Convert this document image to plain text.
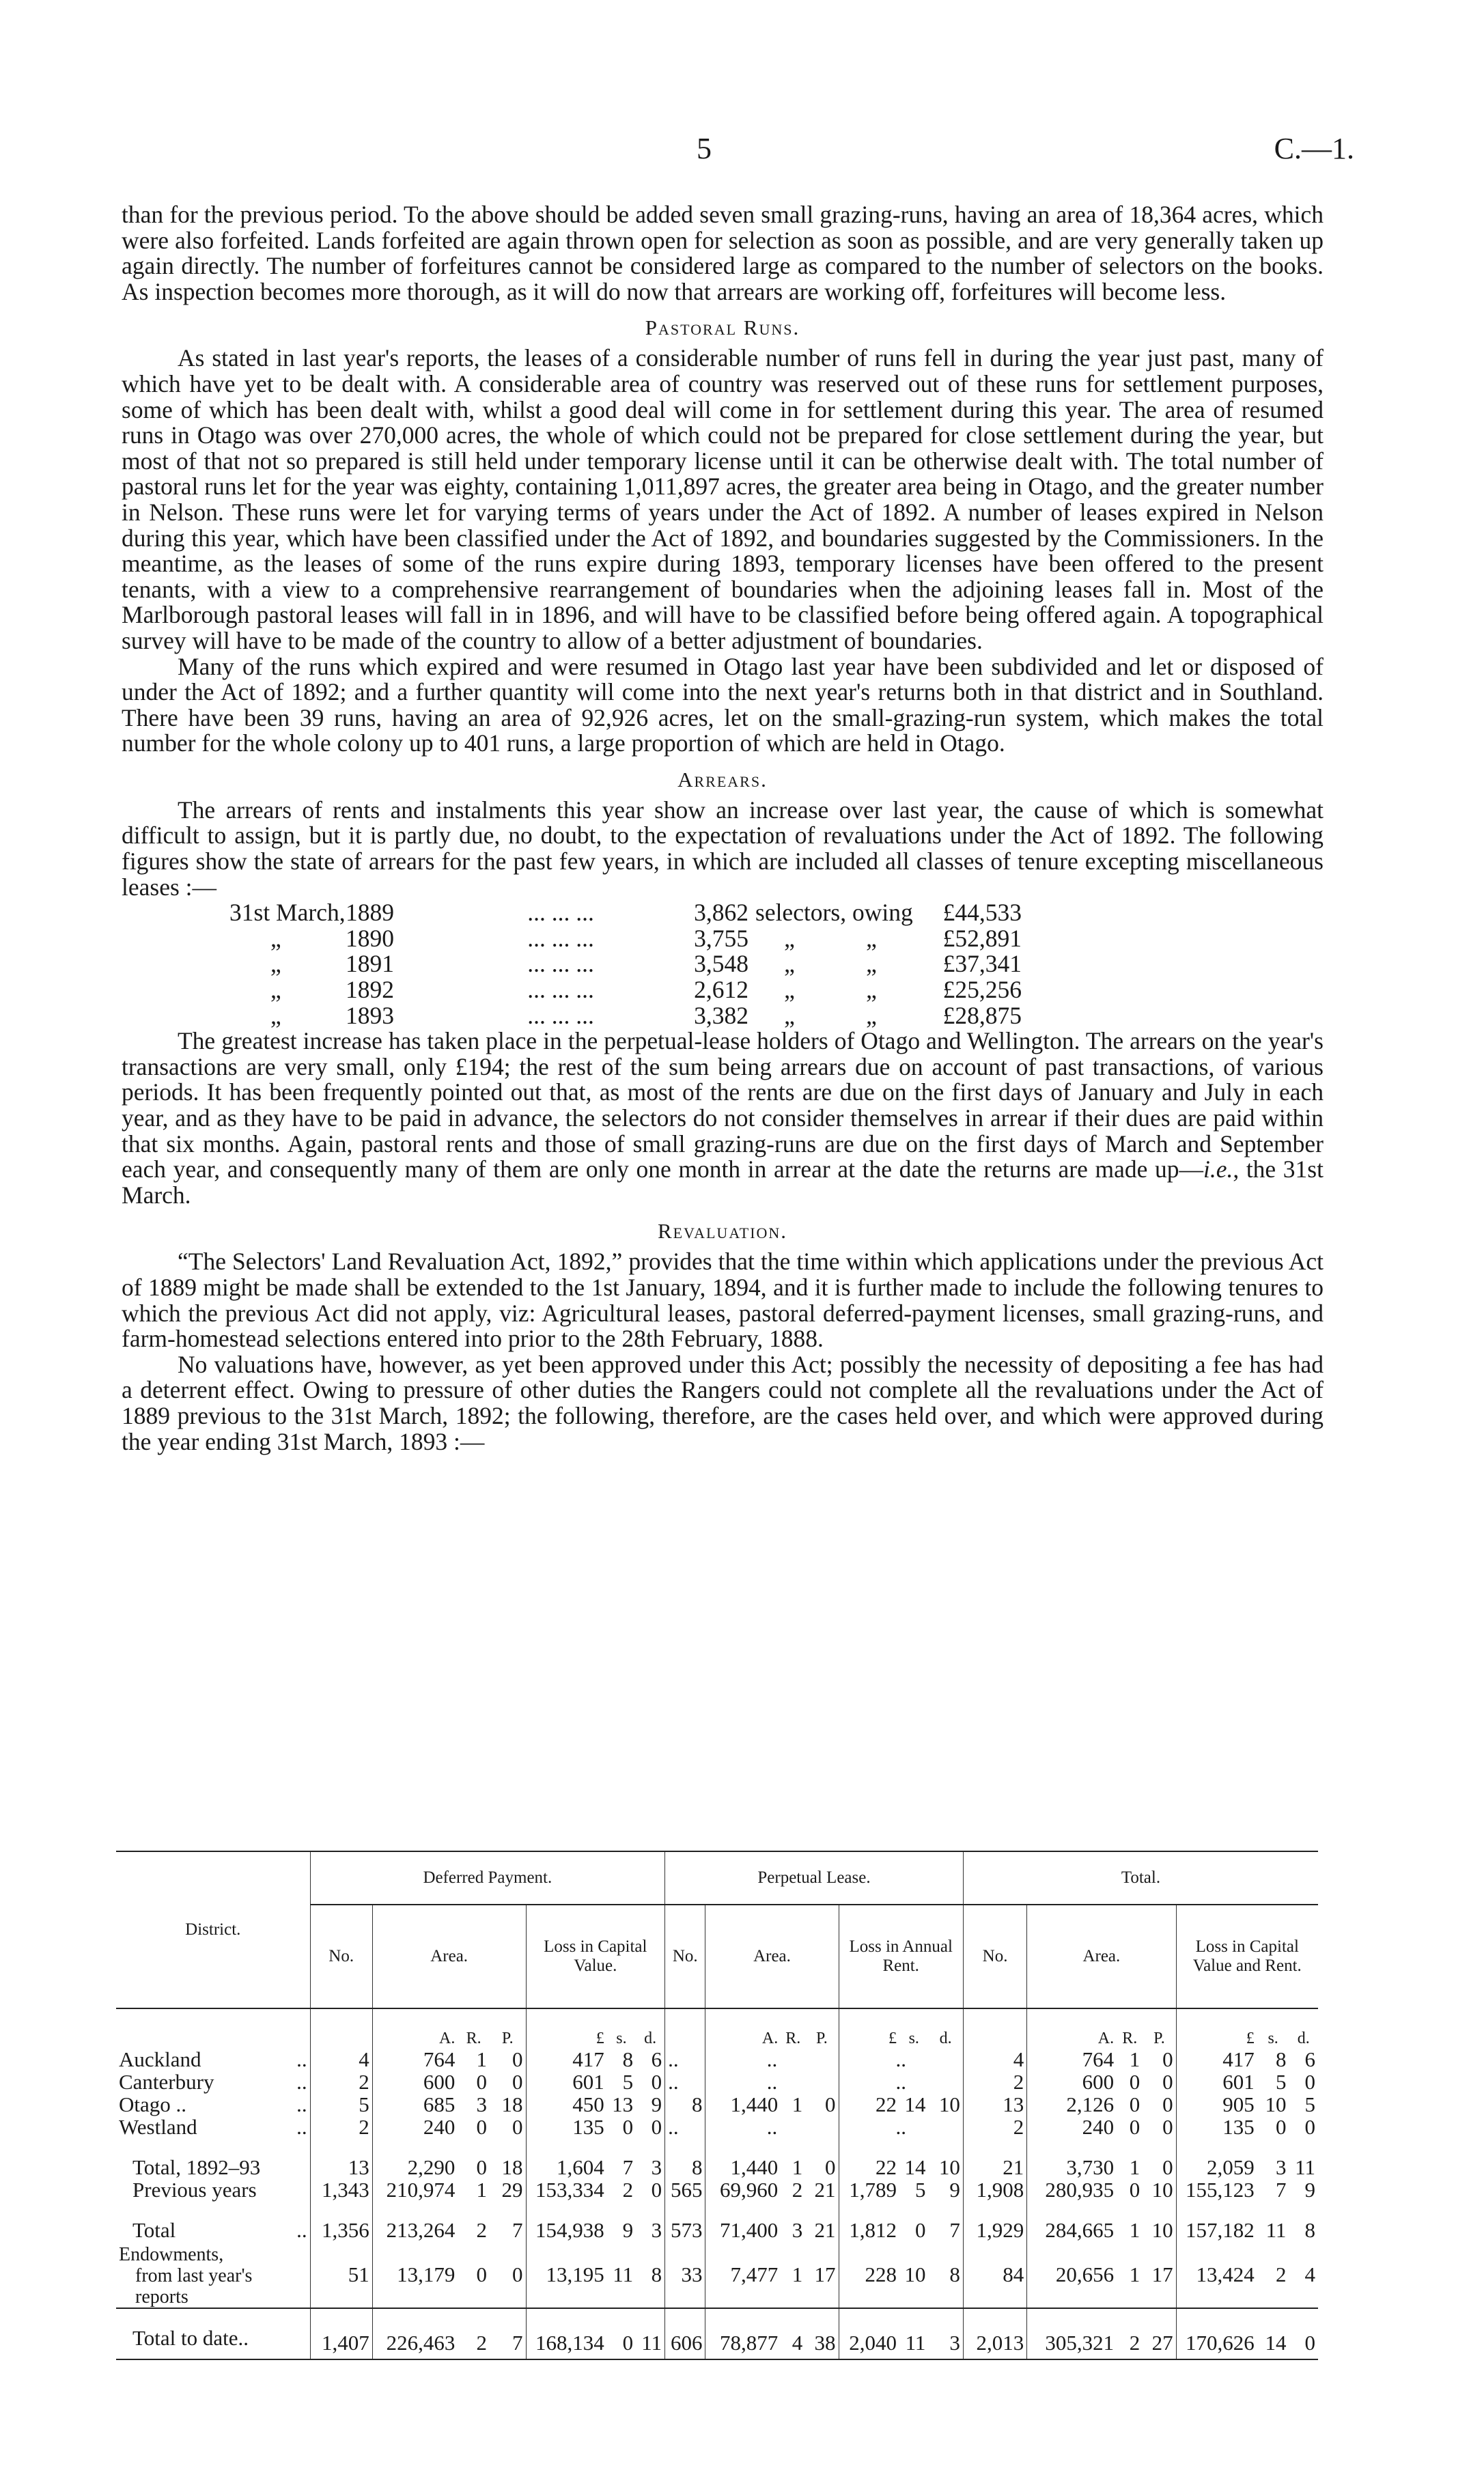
5	C.—1.

than for the previous period. To the above should be added seven small grazing-runs, having an area of 18,364 acres, which were also forfeited. Lands forfeited are again thrown open for selection as soon as possible, and are very generally taken up again directly. The number of forfeitures cannot be considered large as compared to the number of selectors on the books. As inspection becomes more thorough, as it will do now that arrears are working off, forfeitures will become less.

Pastoral Runs.

As stated in last year's reports, the leases of a considerable number of runs fell in during the year just past, many of which have yet to be dealt with. A considerable area of country was reserved out of these runs for settlement purposes, some of which has been dealt with, whilst a good deal will come in for settlement during this year. The area of resumed runs in Otago was over 270,000 acres, the whole of which could not be prepared for close settlement during the year, but most of that not so prepared is still held under temporary license until it can be otherwise dealt with. The total number of pastoral runs let for the year was eighty, containing 1,011,897 acres, the greater area being in Otago, and the greater number in Nelson. These runs were let for varying terms of years under the Act of 1892. A number of leases expired in Nelson during this year, which have been classified under the Act of 1892, and boundaries suggested by the Commissioners. In the meantime, as the leases of some of the runs expire during 1893, temporary licenses have been offered to the present tenants, with a view to a comprehensive rearrangement of boundaries when the adjoining leases fall in. Most of the Marlborough pastoral leases will fall in in 1896, and will have to be classified before being offered again. A topographical survey will have to be made of the country to allow of a better adjustment of boundaries.

Many of the runs which expired and were resumed in Otago last year have been subdivided and let or disposed of under the Act of 1892; and a further quantity will come into the next year's returns both in that district and in Southland. There have been 39 runs, having an area of 92,926 acres, let on the small-grazing-run system, which makes the total number for the whole colony up to 401 runs, a large proportion of which are held in Otago.

Arrears.

The arrears of rents and instalments this year show an increase over last year, the cause of which is somewhat difficult to assign, but it is partly due, no doubt, to the expectation of revaluations under the Act of 1892. The following figures show the state of arrears for the past few years, in which are included all classes of tenure excepting miscellaneous leases :—

31st March, 1889	... ... ...	3,862 selectors, owing	£44,533
„	1890	... ... ...	3,755	„	„	£52,891
„	1891	... ... ...	3,548	„	„	£37,341
„	1892	... ... ...	2,612	„	„	£25,256
„	1893	... ... ...	3,382	„	„	£28,875

The greatest increase has taken place in the perpetual-lease holders of Otago and Wellington. The arrears on the year's transactions are very small, only £194; the rest of the sum being arrears due on account of past transactions, of various periods. It has been frequently pointed out that, as most of the rents are due on the first days of January and July in each year, and as they have to be paid in advance, the selectors do not consider themselves in arrear if their dues are paid within that six months. Again, pastoral rents and those of small grazing-runs are due on the first days of March and September each year, and consequently many of them are only one month in arrear at the date the returns are made up—i.e., the 31st March.

Revaluation.

“The Selectors' Land Revaluation Act, 1892,” provides that the time within which applications under the previous Act of 1889 might be made shall be extended to the 1st January, 1894, and it is further made to include the following tenures to which the previous Act did not apply, viz: Agricultural leases, pastoral deferred-payment licenses, small grazing-runs, and farm-homestead selections entered into prior to the 28th February, 1888.

No valuations have, however, as yet been approved under this Act; possibly the necessity of depositing a fee has had a deterrent effect. Owing to pressure of other duties the Rangers could not complete all the revaluations under the Act of 1889 previous to the 31st March, 1892; the following, therefore, are the cases held over, and which were approved during the year ending 31st March, 1893 :—

District.	Deferred Payment.							Perpetual Lease.							Total.						
	No.	Area.			Loss in Capital Value.			No.	Area.			Loss in Annual Rent.			No.	Area.			Loss in Capital Value and Rent.		
		A.	R.	P.	£	s.	d.		A.	R.	P.	£	s.	d.		A.	R.	P.	£	s.	d.
Auckland ..	4	764	1	0	417	8	6	..	..			..			4	764	1	0	417	8	6
Canterbury ..	2	600	0	0	601	5	0	..	..			..			2	600	0	0	601	5	0
Otago .. ..	5	685	3	18	450	13	9	8	1,440	1	0	22	14	10	13	2,126	0	0	905	10	5
Westland ..	2	240	0	0	135	0	0	..	..			..			2	240	0	0	135	0	0

Total, 1892–93	13	2,290	0	18	1,604	7	3	8	1,440	1	0	22	14	10	21	3,730	1	0	2,059	3	11
Previous years	1,343	210,974	1	29	153,334	2	0	565	69,960	2	21	1,789	5	9	1,908	280,935	0	10	155,123	7	9

Total ..	1,356	213,264	2	7	154,938	9	3	573	71,400	3	21	1,812	0	7	1,929	284,665	1	10	157,182	11	8

Endowments,
from last year's
reports	51	13,179	0	0	13,195	11	8	33	7,477	1	17	228	10	8	84	20,656	1	17	13,424	2	4

Total to date..	1,407	226,463	2	7	168,134	0	11	606	78,877	4	38	2,040	11	3	2,013	305,321	2	27	170,626	14	0
